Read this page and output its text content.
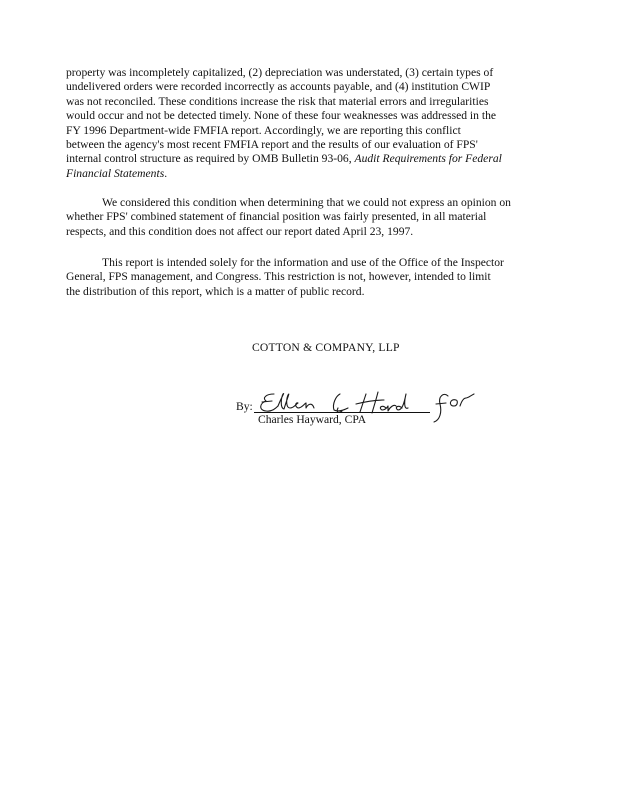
property was incompletely capitalized, (2) depreciation was understated, (3) certain types of
undelivered orders were recorded incorrectly as accounts payable, and (4) institution CWIP
was not reconciled. These conditions increase the risk that material errors and irregularities
would occur and not be detected timely. None of these four weaknesses was addressed in the
FY 1996 Department-wide FMFIA report. Accordingly, we are reporting this conflict
between the agency's most recent FMFIA report and the results of our evaluation of FPS'
internal control structure as required by OMB Bulletin 93-06, Audit Requirements for Federal
Financial Statements.
We considered this condition when determining that we could not express an opinion on
whether FPS' combined statement of financial position was fairly presented, in all material
respects, and this condition does not affect our report dated April 23, 1997.
This report is intended solely for the information and use of the Office of the Inspector
General, FPS management, and Congress. This restriction is not, however, intended to limit
the distribution of this report, which is a matter of public record.
COTTON & COMPANY, LLP
By:
Charles Hayward, CPA
